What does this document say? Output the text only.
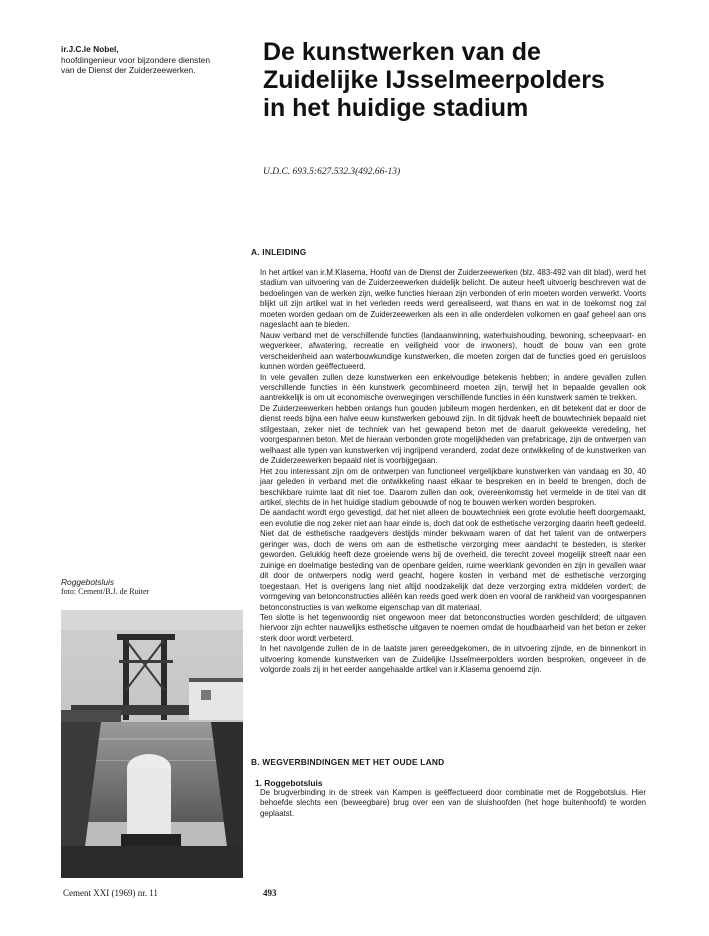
ir.J.C.le Nobel,
hoofdingenieur voor bijzondere diensten
van de Dienst der Zuiderzeewerken.
De kunstwerken van de
Zuidelijke IJsselmeerpolders
in het huidige stadium

U.D.C. 693.5:627.532.3(492.66-13)

A. INLEIDING

In het artikel van ir.M.Klasema, Hoofd van de Dienst der Zuiderzeewerken (blz. 483-492 van dit blad), werd het stadium van uitvoering van de Zuiderzeewerken duidelijk belicht. De auteur heeft uitvoerig beschreven wat de bedoelingen van de werken zijn, welke functies hieraan zijn verbonden of erin moeten worden verwerkt. Voorts blijkt uit zijn artikel wat in het verleden reeds werd gerealiseerd, wat thans en wat in de toekomst nog zal moeten worden gedaan om de Zuiderzeewerken als een in alle onderdelen volkomen en gaaf geheel aan ons nageslacht aan te bieden.

Nauw verband met de verschillende functies (landaanwinning, waterhuishouding, bewoning, scheepvaart- en wegverkeer, afwatering, recreatie en veiligheid voor de inwoners), houdt de bouw van een grote verscheidenheid aan waterbouwkundige kunstwerken, die moeten zorgen dat de functies goed en geruisloos kunnen worden geëffectueerd.

In vele gevallen zullen deze kunstwerken een enkelvoudige betekenis hebben; in andere gevallen zullen verschillende functies in één kunstwerk gecombineerd moeten zijn, terwijl het in bepaalde gevallen ook aantrekkelijk is om uit economische overwegingen verschillende functies in één kunstwerk samen te trekken.

De Zuiderzeewerken hebben onlangs hun gouden jubileum mogen herdenken, en dit betekent dat er door de dienst reeds bijna een halve eeuw kunstwerken gebouwd zijn. In dit tijdvak heeft de bouwtechniek bepaald niet stilgestaan, zeker niet de techniek van het gewapend beton met de daaruit gekweekte veredeling, het voorgespannen beton. Met de hieraan verbonden grote mogelijkheden van prefabricage, zijn de ontwerpen van welhaast alle typen van kunstwerken vrij ingrijpend veranderd, zodat deze ontwikkeling of de kunstwerken van de Zuiderzeewerken bepaald niet is voorbijgegaan.

Het zou interessant zijn om de ontwerpen van functioneel vergelijkbare kunstwerken van vandaag en 30, 40 jaar geleden in verband met die ontwikkeling naast elkaar te bespreken en in beeld te brengen, doch de beschikbare ruimte laat dit niet toe. Daarom zullen dan ook, overeenkomstig het vermelde in de titel van dit artikel, slechts de in het huidige stadium gebouwde of nog te bouwen werken worden besproken.

De aandacht wordt ergo gevestigd, dat het niet alleen de bouwtechniek een grote evolutie heeft doorgemaakt, een evolutie die nog zeker niet aan haar einde is, doch dat ook de esthetische verzorging daarin heeft gedeeld. Niet dat de esthetische raadgevers destijds minder bekwaam waren of dat het talent van de ontwerpers geringer was, doch de wens om aan de esthetische verzorging meer aandacht te besteden, is sterker geworden. Gelukkig heeft deze groeiende wens bij de overheid, die terecht zoveel mogelijk streeft naar een zuinige en doelmatige besteding van de openbare gelden, ruime weerklank gevonden en zijn in gevallen waar dit door de ontwerpers nodig werd geacht, hogere kosten in verband met de esthetische verzorging toegestaan. Het is overigens lang niet altijd noodzakelijk dat deze verzorging extra middelen vordert; de vormgeving van betonconstructies alléén kan reeds goed werk doen en vooral de rankheid van voorgespannen betonconstructies is van welkome eigenschap van dit materiaal.

Ten slotte is het tegenwoordig niet ongewoon meer dat betonconstructies worden geschilderd; de uitgaven hiervoor zijn echter nauwelijks esthetische uitgaven te noemen omdat de houdbaarheid van het beton er zeker sterk door wordt verbeterd.

In het navolgende zullen de in de laatste jaren gereedgekomen, de in uitvoering zijnde, en de binnenkort in uitvoering komende kunstwerken van de Zuidelijke IJsselmeerpolders worden besproken, ongeveer in de volgorde zoals zij in het eerder aangehaalde artikel van ir.Klasema genoemd zijn.

B. WEGVERBINDINGEN MET HET OUDE LAND
1. Roggebotsluis

De brugverbinding in de streek van Kampen is geëffectueerd door combinatie met de Roggebotsluis. Hier behoefde slechts een (beweegbare) brug over een van de sluishoofden (het hoge buitenhoofd) te worden geplaatst.

Roggebotsluis
foto: Cement/B.J. de Ruiter
Cement XXI (1969) nr. 11	493
